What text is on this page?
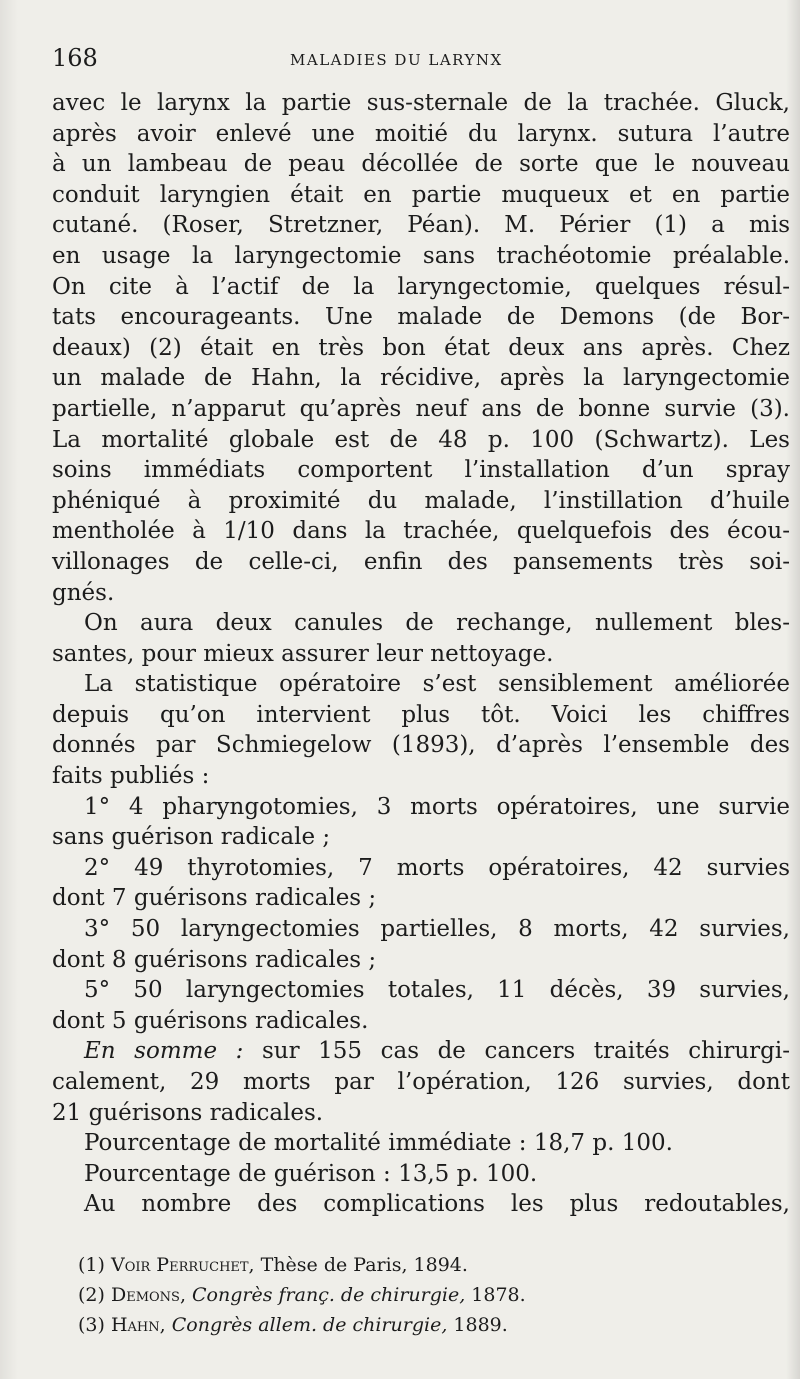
168	MALADIES DU LARYNX
avec le larynx la partie sus-sternale de la trachée. Gluck,
après avoir enlevé une moitié du larynx. sutura l’autre
à un lambeau de peau décollée de sorte que le nouveau
conduit laryngien était en partie muqueux et en partie
cutané. (Roser, Stretzner, Péan). M. Périer (1) a mis
en usage la laryngectomie sans trachéotomie préalable.
On cite à l’actif de la laryngectomie, quelques résul-
tats encourageants. Une malade de Demons (de Bor-
deaux) (2) était en très bon état deux ans après. Chez
un malade de Hahn, la récidive, après la laryngectomie
partielle, n’apparut qu’après neuf ans de bonne survie (3).
La mortalité globale est de 48 p. 100 (Schwartz). Les
soins immédiats comportent l’installation d’un spray
phéniqué à proximité du malade, l’instillation d’huile
mentholée à 1/10 dans la trachée, quelquefois des écou-
villonages de celle-ci, enfin des pansements très soi-
gnés.
On aura deux canules de rechange, nullement bles-
santes, pour mieux assurer leur nettoyage.
La statistique opératoire s’est sensiblement améliorée
depuis qu’on intervient plus tôt. Voici les chiffres
donnés par Schmiegelow (1893), d’après l’ensemble des
faits publiés :
1° 4 pharyngotomies, 3 morts opératoires, une survie
sans guérison radicale ;
2° 49 thyrotomies, 7 morts opératoires, 42 survies
dont 7 guérisons radicales ;
3° 50 laryngectomies partielles, 8 morts, 42 survies,
dont 8 guérisons radicales ;
5° 50 laryngectomies totales, 11 décès, 39 survies,
dont 5 guérisons radicales.
En somme : sur 155 cas de cancers traités chirurgi-
calement, 29 morts par l’opération, 126 survies, dont
21 guérisons radicales.
Pourcentage de mortalité immédiate : 18,7 p. 100.
Pourcentage de guérison : 13,5 p. 100.
Au nombre des complications les plus redoutables,
(1) Voir Perruchet, Thèse de Paris, 1894.
(2) Demons, Congrès franç. de chirurgie, 1878.
(3) Hahn, Congrès allem. de chirurgie, 1889.
